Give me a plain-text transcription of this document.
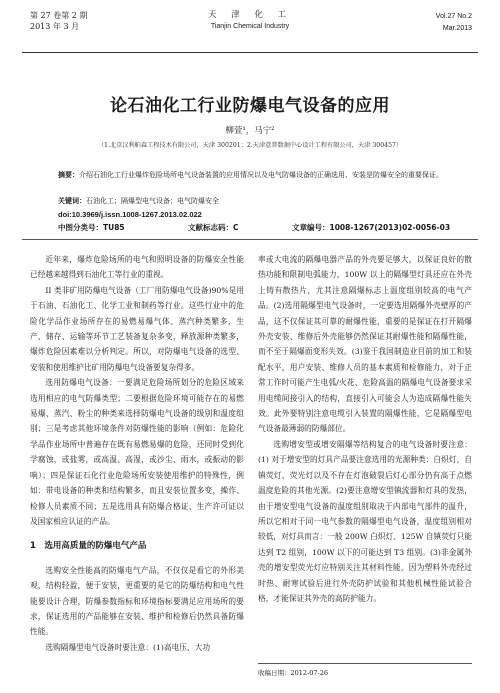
第 27 卷第 2 期
2013 年 3 月
天 津 化 工
Tianjin Chemical Industry
Vol.27 No.2
Mar.2013
论石油化工行业防爆电气设备的应用
柳萱¹，马宁²
（1.北京汉利帕森工程技术有限公司，天津 300201；2.天津意普数据中心设计工程有限公司，天津 300457）
摘要：介绍石油化工行业爆炸危险场所电气设备装置的应用情况以及电气防爆设备的正确选用、安装是防爆安全的重要保证。
关键词：石油化工；隔爆型电气设备；电气防爆安全
doi:10.3969/j.issn.1008-1267.2013.02.022
中图分类号：TU85	文献标志码：C	文章编号：1008-1267(2013)02-0056-03

近年来，爆炸危险场所的电气和照明设备的防爆安全性能已经越来越得到石油化工等行业的重视。

II 类非矿用防爆电气设备（工厂用防爆电气设备)90%是用于石油、石油化工、化学工业和制药等行业。这些行业中的危险化学品作业场所存在的易燃易爆气体、蒸汽种类繁多，生产、储存、运输等环节工艺装备复杂多变，释放源种类繁多，爆炸危险因素难以分析判定。所以，对防爆电气设备的选型、安装和使用维护比矿用防爆电气设备要复杂得多。

选用防爆电气设备：一要满足危险场所划分的危险区域来选用相应的电气防爆类型；二要根据危险环境可能存在的易燃易爆、蒸汽、粉尘的种类来选择防爆电气设备的级别和温度组别；三是考虑其他环境条件对防爆性能的影响（例如：危险化学品作业场所中普遍存在既有易燃易爆的危险，还同时受到化学腐蚀，或盐雾，或高温、高湿，或沙尘、雨水，或振动的影响）；四是保证石化行业危险场所安装使用维护的特殊性，例如：带电设备的种类和结构繁多，而且安装位置多变，操作、检修人员素质不同；五是选用具有防爆合格证、生产许可证以及国家相应认证的产品。

1　选用高质量的防爆电气产品

选购安全性能高的防爆电气产品，不仅仅是看它的外形美观，结构轻盈，便于安装，更重要的是它的防爆结构和电气性能要设计合理，防爆参数指标和环境指标要满足应用场所的要求，保证选用的产品能够在安装、维护和检修后仍然具备防爆性能。

选购隔爆型电气设备时要注意：(1)高电压、大功

率或大电流的隔爆电器产品的外壳要足够大，以保证良好的散热功能和限制电弧能力，100W 以上的隔爆型灯具还应在外壳上铸有散热片，尤其注意隔爆标志上温度组别较高的电气产品。(2)选用隔爆型电气设备时，一定要选用隔爆外壳壁厚的产品，这不仅保证其可靠的耐爆性能，重要的是保证在打开隔爆外壳安装、维修后外壳能够仍然保证其耐爆性能和隔爆性能，而不至于隔爆面变形失效。(3)鉴于我国制造业目前的加工和装配水平，用户安装、维修人员的基本素质和检修能力，对于正常工作时可能产生电弧/火花、危险高温的隔爆电气设备要求采用电缆间接引入的结构，直接引入可能会人为造成隔爆性能失效。此外要特别注意电缆引入装置的隔爆性能，它是隔爆型电气设备最薄弱的防爆部位。

选购增安型或增安隔爆等结构复合的电气设备时要注意：(1) 对于增安型的灯具产品要注意选用的光源种类：白炽灯，自镇荧灯、荧光灯以及不存在灯泡破裂后灯心部分仍有高于点燃温度危险的其他光源。(2)要注意增安型镇流器和灯具的发热，由于增安型电气设备的温度组别取决于内部电气部件的温升，所以它相对于同一电气参数的隔爆型电气设备，温度组别相对较低，对灯具而言：一般 200W 白炽灯、125W 自镇荧灯只能达到 T2 组别，100W 以下的可能达到 T3 组别。(3)非金属外壳的增安型荧光灯应特别关注其材料性能，因为塑料外壳经过时热、耐寒试验后进行外壳防护试验和其他机械性能试验合格，才能保证其外壳的高防护能力。

收稿日期：2012-07-26
